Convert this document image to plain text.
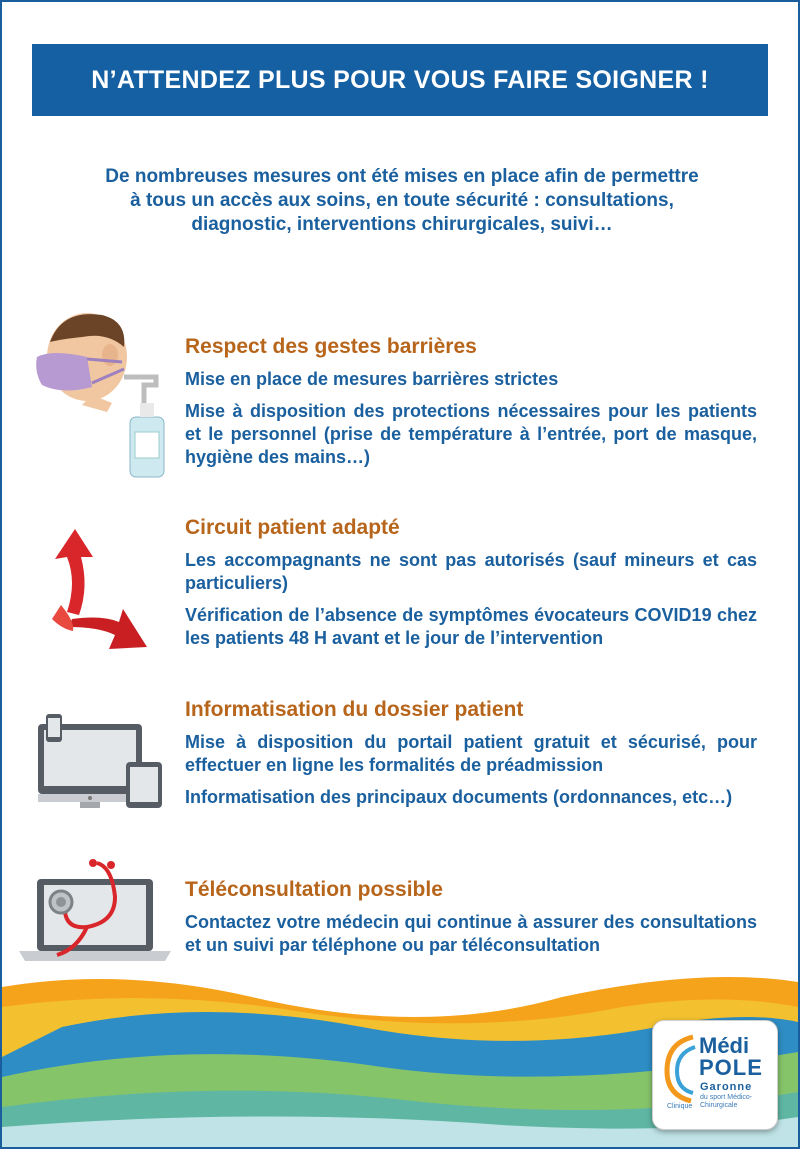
N’ATTENDEZ PLUS POUR VOUS FAIRE SOIGNER !
De nombreuses mesures ont été mises en place afin de permettre à tous un accès aux soins, en toute sécurité : consultations, diagnostic, interventions chirurgicales, suivi…
Respect des gestes barrières

Mise en place de mesures barrières strictes

Mise à disposition des protections nécessaires pour les patients et le personnel (prise de température à l’entrée, port de masque, hygiène des mains…)

Circuit patient adapté

Les accompagnants ne sont pas autorisés (sauf mineurs et cas particuliers)

Vérification de l’absence de symptômes évocateurs COVID19 chez les patients 48 H avant et le jour de l’intervention

Informatisation du dossier patient

Mise à disposition du portail patient gratuit et sécurisé, pour effectuer en ligne les formalités de préadmission

Informatisation des principaux documents (ordonnances, etc…)

Téléconsultation possible

Contactez votre médecin qui continue à assurer des consultations et un suivi par téléphone ou par téléconsultation

Médi
POLE
Garonne
du sport Médico-Chirurgicale
Clinique
